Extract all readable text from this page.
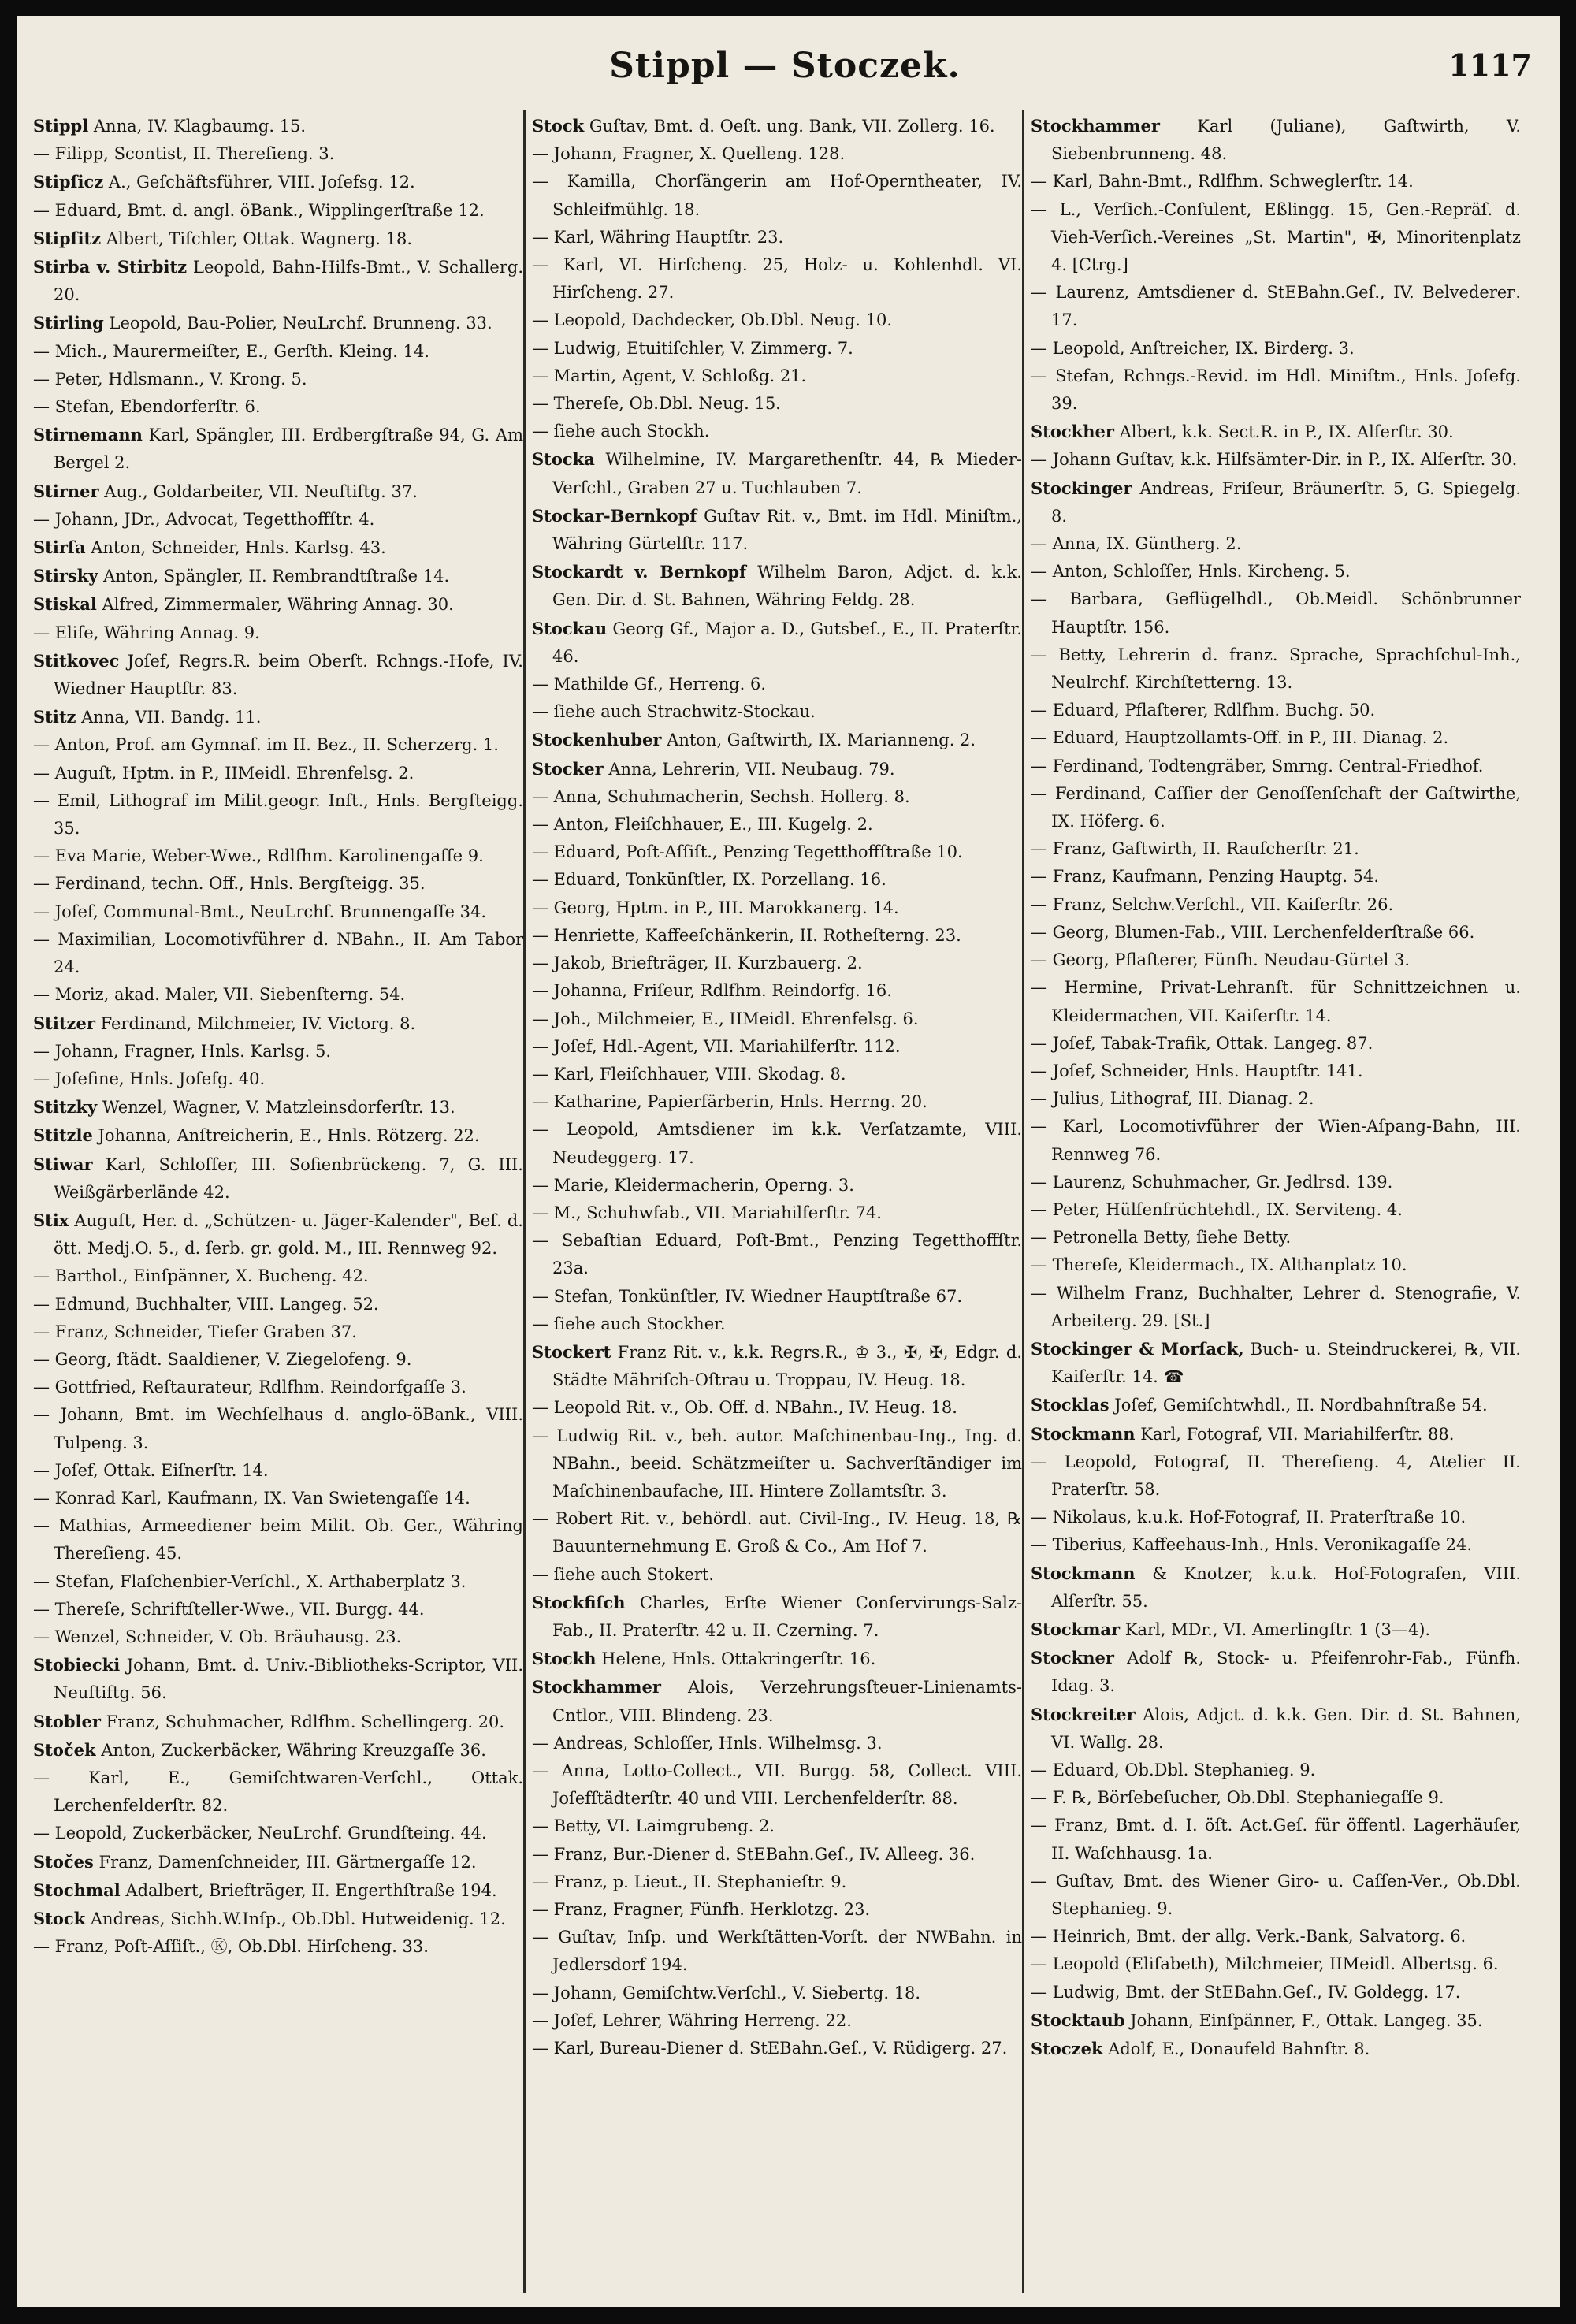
Stippl — Stoczek.	1117

Stippl Anna, IV. Klagbaumg. 15.

— Filipp, Scontist, II. Thereſieng. 3.

Stipſicz A., Geſchäftsführer, VIII. Joſefsg. 12.

— Eduard, Bmt. d. angl. öBank., Wipplingerſtraße 12.

Stipſitz Albert, Tiſchler, Ottak. Wagnerg. 18.

Stirba v. Stirbitz Leopold, Bahn-Hilfs-Bmt., V. Schallerg. 20.

Stirling Leopold, Bau-Polier, NeuLrchf. Brunneng. 33.

— Mich., Maurermeiſter, E., Gerſth. Kleing. 14.

— Peter, Hdlsmann., V. Krong. 5.

— Stefan, Ebendorferſtr. 6.

Stirnemann Karl, Spängler, III. Erdbergſtraße 94, G. Am Bergel 2.

Stirner Aug., Goldarbeiter, VII. Neuſtiftg. 37.

— Johann, JDr., Advocat, Tegetthoffſtr. 4.

Stirſa Anton, Schneider, Hnls. Karlsg. 43.

Stirsky Anton, Spängler, II. Rembrandtſtraße 14.

Stiskal Alfred, Zimmermaler, Währing Annag. 30.

— Eliſe, Währing Annag. 9.

Stitkovec Joſef, Regrs.R. beim Oberſt. Rchngs.-Hofe, IV. Wiedner Hauptſtr. 83.

Stitz Anna, VII. Bandg. 11.

— Anton, Prof. am Gymnaſ. im II. Bez., II. Scherzerg. 1.

— Auguſt, Hptm. in P., IIMeidl. Ehrenfelsg. 2.

— Emil, Lithograf im Milit.geogr. Inſt., Hnls. Bergſteigg. 35.

— Eva Marie, Weber-Wwe., Rdlfhm. Karolinengaſſe 9.

— Ferdinand, techn. Off., Hnls. Bergſteigg. 35.

— Joſef, Communal-Bmt., NeuLrchf. Brunnengaſſe 34.

— Maximilian, Locomotivführer d. NBahn., II. Am Tabor 24.

— Moriz, akad. Maler, VII. Siebenſterng. 54.

Stitzer Ferdinand, Milchmeier, IV. Victorg. 8.

— Johann, Fragner, Hnls. Karlsg. 5.

— Joſefine, Hnls. Joſefg. 40.

Stitzky Wenzel, Wagner, V. Matzleinsdorferſtr. 13.

Stitzle Johanna, Anſtreicherin, E., Hnls. Rötzerg. 22.

Stiwar Karl, Schloſſer, III. Sofienbrückeng. 7, G. III. Weißgärberlände 42.

Stix Auguſt, Her. d. „Schützen- u. Jäger-Kalender", Beſ. d. ött. Medj.O. 5., d. ſerb. gr. gold. M., III. Rennweg 92.

— Barthol., Einſpänner, X. Bucheng. 42.

— Edmund, Buchhalter, VIII. Langeg. 52.

— Franz, Schneider, Tiefer Graben 37.

— Georg, ſtädt. Saaldiener, V. Ziegelofeng. 9.

— Gottfried, Reſtaurateur, Rdlfhm. Reindorfgaſſe 3.

— Johann, Bmt. im Wechſelhaus d. anglo-öBank., VIII. Tulpeng. 3.

— Joſef, Ottak. Eiſnerſtr. 14.

— Konrad Karl, Kaufmann, IX. Van Swietengaſſe 14.

— Mathias, Armeediener beim Milit. Ob. Ger., Währing Thereſieng. 45.

— Stefan, Flaſchenbier-Verſchl., X. Arthaberplatz 3.

— Thereſe, Schriftſteller-Wwe., VII. Burgg. 44.

— Wenzel, Schneider, V. Ob. Bräuhausg. 23.

Stobiecki Johann, Bmt. d. Univ.-Bibliotheks-Scriptor, VII. Neuſtiftg. 56.

Stobler Franz, Schuhmacher, Rdlfhm. Schellingerg. 20.

Stoček Anton, Zuckerbäcker, Währing Kreuzgaſſe 36.

— Karl, E., Gemiſchtwaren-Verſchl., Ottak. Lerchenfelderſtr. 82.

— Leopold, Zuckerbäcker, NeuLrchf. Grundſteing. 44.

Stočes Franz, Damenſchneider, III. Gärtnergaſſe 12.

Stochmal Adalbert, Briefträger, II. Engerthſtraße 194.

Stock Andreas, Sichh.W.Inſp., Ob.Dbl. Hutweidenig. 12.

— Franz, Poſt-Aſſiſt., Ⓚ, Ob.Dbl. Hirſcheng. 33.

Stock Guſtav, Bmt. d. Oeſt. ung. Bank, VII. Zollerg. 16.

— Johann, Fragner, X. Quelleng. 128.

— Kamilla, Chorſängerin am Hof-Operntheater, IV. Schleifmühlg. 18.

— Karl, Währing Hauptſtr. 23.

— Karl, VI. Hirſcheng. 25, Holz- u. Kohlenhdl. VI. Hirſcheng. 27.

— Leopold, Dachdecker, Ob.Dbl. Neug. 10.

— Ludwig, Etuitiſchler, V. Zimmerg. 7.

— Martin, Agent, V. Schloßg. 21.

— Thereſe, Ob.Dbl. Neug. 15.

— ſiehe auch Stockh.

Stocka Wilhelmine, IV. Margarethenſtr. 44, ℞ Mieder-Verſchl., Graben 27 u. Tuchlauben 7.

Stockar-Bernkopf Guſtav Rit. v., Bmt. im Hdl. Miniſtm., Währing Gürtelſtr. 117.

Stockardt v. Bernkopf Wilhelm Baron, Adjct. d. k.k. Gen. Dir. d. St. Bahnen, Währing Feldg. 28.

Stockau Georg Gf., Major a. D., Gutsbeſ., E., II. Praterſtr. 46.

— Mathilde Gf., Herreng. 6.

— ſiehe auch Strachwitz-Stockau.

Stockenhuber Anton, Gaſtwirth, IX. Marianneng. 2.

Stocker Anna, Lehrerin, VII. Neubaug. 79.

— Anna, Schuhmacherin, Sechsh. Hollerg. 8.

— Anton, Fleiſchhauer, E., III. Kugelg. 2.

— Eduard, Poſt-Aſſiſt., Penzing Tegetthoffſtraße 10.

— Eduard, Tonkünſtler, IX. Porzellang. 16.

— Georg, Hptm. in P., III. Marokkanerg. 14.

— Henriette, Kaffeeſchänkerin, II. Rotheſterng. 23.

— Jakob, Briefträger, II. Kurzbauerg. 2.

— Johanna, Friſeur, Rdlfhm. Reindorfg. 16.

— Joh., Milchmeier, E., IIMeidl. Ehrenfelsg. 6.

— Joſef, Hdl.-Agent, VII. Mariahilferſtr. 112.

— Karl, Fleiſchhauer, VIII. Skodag. 8.

— Katharine, Papierfärberin, Hnls. Herrng. 20.

— Leopold, Amtsdiener im k.k. Verſatzamte, VIII. Neudeggerg. 17.

— Marie, Kleidermacherin, Operng. 3.

— M., Schuhwfab., VII. Mariahilferſtr. 74.

— Sebaſtian Eduard, Poſt-Bmt., Penzing Tegetthoffſtr. 23a.

— Stefan, Tonkünſtler, IV. Wiedner Hauptſtraße 67.

— ſiehe auch Stockher.

Stockert Franz Rit. v., k.k. Regrs.R., ♔ 3., ✠, ✠, Edgr. d. Städte Mähriſch-Oſtrau u. Troppau, IV. Heug. 18.

— Leopold Rit. v., Ob. Off. d. NBahn., IV. Heug. 18.

— Ludwig Rit. v., beh. autor. Maſchinenbau-Ing., Ing. d. NBahn., beeid. Schätzmeiſter u. Sachverſtändiger im Maſchinenbaufache, III. Hintere Zollamtsſtr. 3.

— Robert Rit. v., behördl. aut. Civil-Ing., IV. Heug. 18, ℞ Bauunternehmung E. Groß & Co., Am Hof 7.

— ſiehe auch Stokert.

Stockfiſch Charles, Erſte Wiener Conſervirungs-Salz-Fab., II. Praterſtr. 42 u. II. Czerning. 7.

Stockh Helene, Hnls. Ottakringerſtr. 16.

Stockhammer Alois, Verzehrungsſteuer-Linienamts-Cntlor., VIII. Blindeng. 23.

— Andreas, Schloſſer, Hnls. Wilhelmsg. 3.

— Anna, Lotto-Collect., VII. Burgg. 58, Collect. VIII. Joſefſtädterſtr. 40 und VIII. Lerchenfelderſtr. 88.

— Betty, VI. Laimgrubeng. 2.

— Franz, Bur.-Diener d. StEBahn.Geſ., IV. Alleeg. 36.

— Franz, p. Lieut., II. Stephanieſtr. 9.

— Franz, Fragner, Fünfh. Herklotzg. 23.

— Guſtav, Inſp. und Werkſtätten-Vorſt. der NWBahn. in Jedlersdorf 194.

— Johann, Gemiſchtw.Verſchl., V. Siebertg. 18.

— Joſef, Lehrer, Währing Herreng. 22.

— Karl, Bureau-Diener d. StEBahn.Geſ., V. Rüdigerg. 27.

Stockhammer Karl (Juliane), Gaſtwirth, V. Siebenbrunneng. 48.

— Karl, Bahn-Bmt., Rdlfhm. Schweglerſtr. 14.

— L., Verſich.-Conſulent, Eßlingg. 15, Gen.-Repräſ. d. Vieh-Verſich.-Vereines „St. Martin", ✠, Minoritenplatz 4. [Ctrg.]

— Laurenz, Amtsdiener d. StEBahn.Geſ., IV. Belvederег. 17.

— Leopold, Anſtreicher, IX. Birderg. 3.

— Stefan, Rchngs.-Revid. im Hdl. Miniſtm., Hnls. Joſefg. 39.

Stockher Albert, k.k. Sect.R. in P., IX. Alſerſtr. 30.

— Johann Guſtav, k.k. Hilfsämter-Dir. in P., IX. Alſerſtr. 30.

Stockinger Andreas, Friſeur, Bräunerſtr. 5, G. Spiegelg. 8.

— Anna, IX. Güntherg. 2.

— Anton, Schloſſer, Hnls. Kircheng. 5.

— Barbara, Geflügelhdl., Ob.Meidl. Schönbrunner Hauptſtr. 156.

— Betty, Lehrerin d. franz. Sprache, Sprachſchul-Inh., Neulrchf. Kirchſtetterng. 13.

— Eduard, Pflaſterer, Rdlfhm. Buchg. 50.

— Eduard, Hauptzollamts-Off. in P., III. Dianag. 2.

— Ferdinand, Todtengräber, Smrng. Central-Friedhof.

— Ferdinand, Caſſier der Genoſſenſchaft der Gaſtwirthe, IX. Höferg. 6.

— Franz, Gaſtwirth, II. Rauſcherſtr. 21.

— Franz, Kaufmann, Penzing Hauptg. 54.

— Franz, Selchw.Verſchl., VII. Kaiſerſtr. 26.

— Georg, Blumen-Fab., VIII. Lerchenfelderſtraße 66.

— Georg, Pflaſterer, Fünfh. Neudau-Gürtel 3.

— Hermine, Privat-Lehranſt. für Schnittzeichnen u. Kleidermachen, VII. Kaiſerſtr. 14.

— Joſef, Tabak-Trafik, Ottak. Langeg. 87.

— Joſef, Schneider, Hnls. Hauptſtr. 141.

— Julius, Lithograf, III. Dianag. 2.

— Karl, Locomotivführer der Wien-Aſpang-Bahn, III. Rennweg 76.

— Laurenz, Schuhmacher, Gr. Jedlrsd. 139.

— Peter, Hülſenfrüchtehdl., IX. Serviteng. 4.

— Petronella Betty, ſiehe Betty.

— Thereſe, Kleidermach., IX. Althanplatz 10.

— Wilhelm Franz, Buchhalter, Lehrer d. Stenografie, V. Arbeiterg. 29. [St.]

Stockinger & Morſack, Buch- u. Steindruckerei, ℞, VII. Kaiſerſtr. 14. ☎

Stocklas Joſef, Gemiſchtwhdl., II. Nordbahnſtraße 54.

Stockmann Karl, Fotograf, VII. Mariahilferſtr. 88.

— Leopold, Fotograf, II. Thereſieng. 4, Atelier II. Praterſtr. 58.

— Nikolaus, k.u.k. Hof-Fotograf, II. Praterſtraße 10.

— Tiberius, Kaffeehaus-Inh., Hnls. Veronikagaſſe 24.

Stockmann & Knotzer, k.u.k. Hof-Fotografen, VIII. Alſerſtr. 55.

Stockmar Karl, MDr., VI. Amerlingſtr. 1 (3—4).

Stockner Adolf ℞, Stock- u. Pfeifenrohr-Fab., Fünfh. Idag. 3.

Stockreiter Alois, Adjct. d. k.k. Gen. Dir. d. St. Bahnen, VI. Wallg. 28.

— Eduard, Ob.Dbl. Stephanieg. 9.

— F. ℞, Börſebeſucher, Ob.Dbl. Stephaniegaſſe 9.

— Franz, Bmt. d. I. öſt. Act.Geſ. für öffentl. Lagerhäuſer, II. Waſchhausg. 1a.

— Guſtav, Bmt. des Wiener Giro- u. Caſſen-Ver., Ob.Dbl. Stephanieg. 9.

— Heinrich, Bmt. der allg. Verk.-Bank, Salvatorg. 6.

— Leopold (Eliſabeth), Milchmeier, IIMeidl. Albertsg. 6.

— Ludwig, Bmt. der StEBahn.Geſ., IV. Goldegg. 17.

Stocktaub Johann, Einſpänner, F., Ottak. Langeg. 35.

Stoczek Adolf, E., Donaufeld Bahnſtr. 8.
